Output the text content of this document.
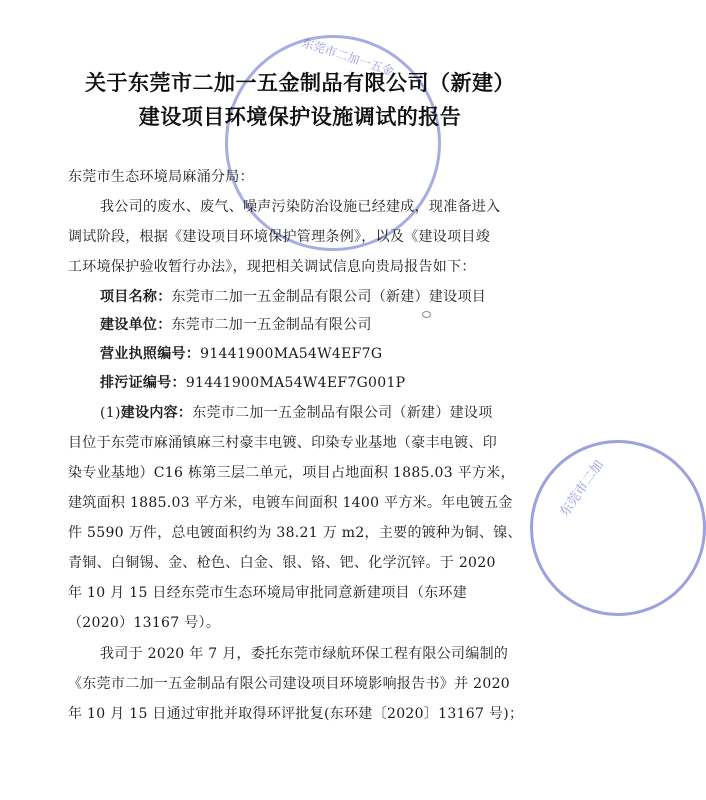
东莞市二加一五金
东莞市二加
关于东莞市二加一五金制品有限公司（新建）
建设项目环境保护设施调试的报告
东莞市生态环境局麻涌分局：
我公司的废水、废气、噪声污染防治设施已经建成，现准备进入
调试阶段，根据《建设项目环境保护管理条例》，以及《建设项目竣
工环境保护验收暂行办法》，现把相关调试信息向贵局报告如下：
项目名称：东莞市二加一五金制品有限公司（新建）建设项目
建设单位：东莞市二加一五金制品有限公司
营业执照编号：91441900MA54W4EF7G
排污证编号：91441900MA54W4EF7G001P
(1)建设内容：东莞市二加一五金制品有限公司（新建）建设项
目位于东莞市麻涌镇麻三村豪丰电镀、印染专业基地（豪丰电镀、印
染专业基地）C16 栋第三层二单元，项目占地面积 1885.03 平方米，
建筑面积 1885.03 平方米，电镀车间面积 1400 平方米。年电镀五金
件 5590 万件，总电镀面积约为 38.21 万 m2，主要的镀种为铜、镍、
青铜、白铜锡、金、枪色、白金、银、铬、钯、化学沉锌。于 2020
年 10 月 15 日经东莞市生态环境局审批同意新建项目（东环建
（2020）13167 号）。
我司于 2020 年 7 月，委托东莞市绿航环保工程有限公司编制的
《东莞市二加一五金制品有限公司建设项目环境影响报告书》并 2020
年 10 月 15 日通过审批并取得环评批复(东环建〔2020〕13167 号)；
